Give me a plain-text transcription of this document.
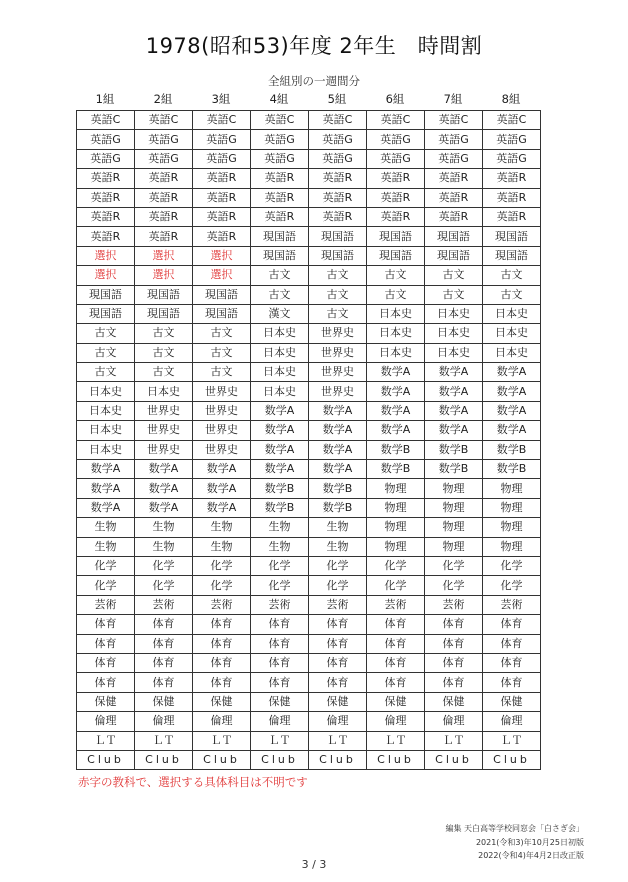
1978(昭和53)年度 2年生　時間割
全組別の一週間分
1組	2組	3組	4組	5組	6組	7組	8組
英語C	英語C	英語C	英語C	英語C	英語C	英語C	英語C
英語G	英語G	英語G	英語G	英語G	英語G	英語G	英語G
英語G	英語G	英語G	英語G	英語G	英語G	英語G	英語G
英語R	英語R	英語R	英語R	英語R	英語R	英語R	英語R
英語R	英語R	英語R	英語R	英語R	英語R	英語R	英語R
英語R	英語R	英語R	英語R	英語R	英語R	英語R	英語R
英語R	英語R	英語R	現国語	現国語	現国語	現国語	現国語
選択	選択	選択	現国語	現国語	現国語	現国語	現国語
選択	選択	選択	古文	古文	古文	古文	古文
現国語	現国語	現国語	古文	古文	古文	古文	古文
現国語	現国語	現国語	漢文	古文	日本史	日本史	日本史
古文	古文	古文	日本史	世界史	日本史	日本史	日本史
古文	古文	古文	日本史	世界史	日本史	日本史	日本史
古文	古文	古文	日本史	世界史	数学A	数学A	数学A
日本史	日本史	世界史	日本史	世界史	数学A	数学A	数学A
日本史	世界史	世界史	数学A	数学A	数学A	数学A	数学A
日本史	世界史	世界史	数学A	数学A	数学A	数学A	数学A
日本史	世界史	世界史	数学A	数学A	数学B	数学B	数学B
数学A	数学A	数学A	数学A	数学A	数学B	数学B	数学B
数学A	数学A	数学A	数学B	数学B	物理	物理	物理
数学A	数学A	数学A	数学B	数学B	物理	物理	物理
生物	生物	生物	生物	生物	物理	物理	物理
生物	生物	生物	生物	生物	物理	物理	物理
化学	化学	化学	化学	化学	化学	化学	化学
化学	化学	化学	化学	化学	化学	化学	化学
芸術	芸術	芸術	芸術	芸術	芸術	芸術	芸術
体育	体育	体育	体育	体育	体育	体育	体育
体育	体育	体育	体育	体育	体育	体育	体育
体育	体育	体育	体育	体育	体育	体育	体育
体育	体育	体育	体育	体育	体育	体育	体育
保健	保健	保健	保健	保健	保健	保健	保健
倫理	倫理	倫理	倫理	倫理	倫理	倫理	倫理
ＬＴ	ＬＴ	ＬＴ	ＬＴ	ＬＴ	ＬＴ	ＬＴ	ＬＴ
Club	Club	Club	Club	Club	Club	Club	Club
赤字の教科で、選択する具体科目は不明です
編集 天白高等学校同窓会「白さぎ会」
2021(令和3)年10月25日初版
2022(令和4)年4月2日改正版
3 / 3
